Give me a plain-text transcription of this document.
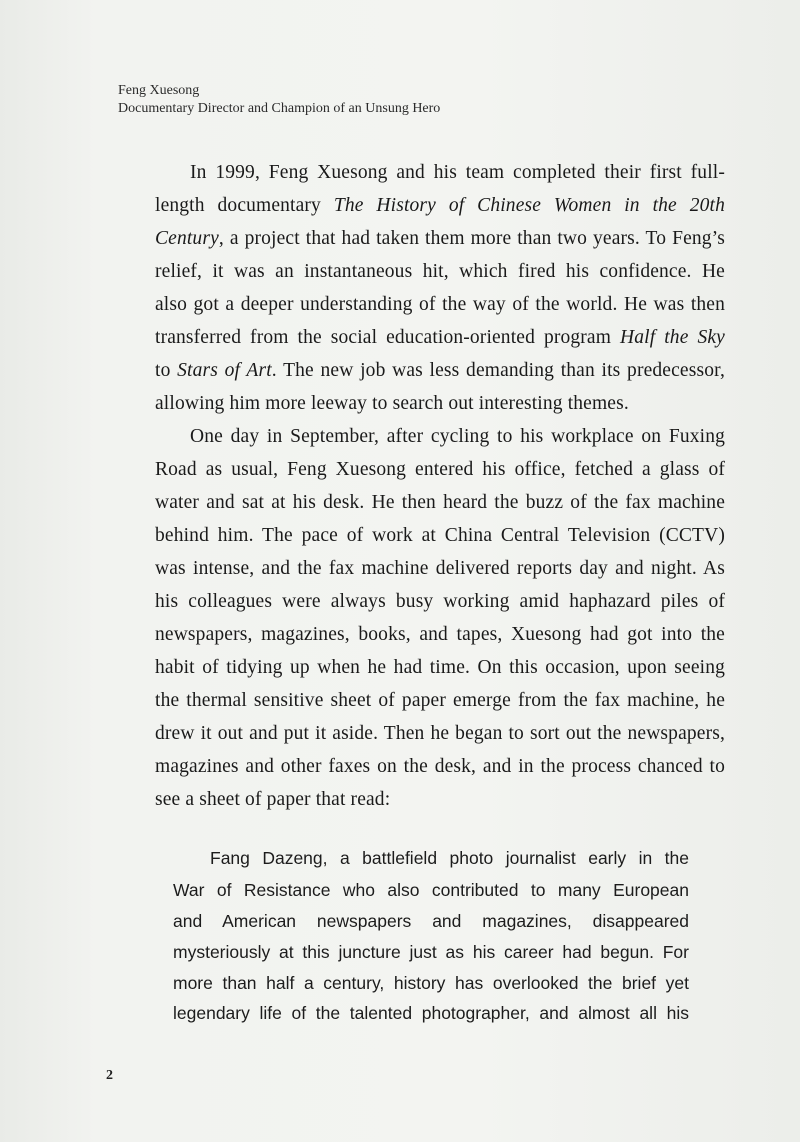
Feng Xuesong
Documentary Director and Champion of an Unsung Hero
In 1999, Feng Xuesong and his team completed their first full-
length documentary The History of Chinese Women in the 20th
Century, a project that had taken them more than two years. To Feng’s
relief, it was an instantaneous hit, which fired his confidence. He
also got a deeper understanding of the way of the world. He was then
transferred from the social education-oriented program Half the Sky
to Stars of Art. The new job was less demanding than its predecessor,
allowing him more leeway to search out interesting themes.
One day in September, after cycling to his workplace on Fuxing
Road as usual, Feng Xuesong entered his office, fetched a glass of
water and sat at his desk. He then heard the buzz of the fax machine
behind him. The pace of work at China Central Television (CCTV)
was intense, and the fax machine delivered reports day and night. As
his colleagues were always busy working amid haphazard piles of
newspapers, magazines, books, and tapes, Xuesong had got into the
habit of tidying up when he had time. On this occasion, upon seeing
the thermal sensitive sheet of paper emerge from the fax machine, he
drew it out and put it aside. Then he began to sort out the newspapers,
magazines and other faxes on the desk, and in the process chanced to
see a sheet of paper that read:
Fang Dazeng, a battlefield photo journalist early in the
War of Resistance who also contributed to many European
and American newspapers and magazines, disappeared
mysteriously at this juncture just as his career had begun. For
more than half a century, history has overlooked the brief yet
legendary life of the talented photographer, and almost all his
2
